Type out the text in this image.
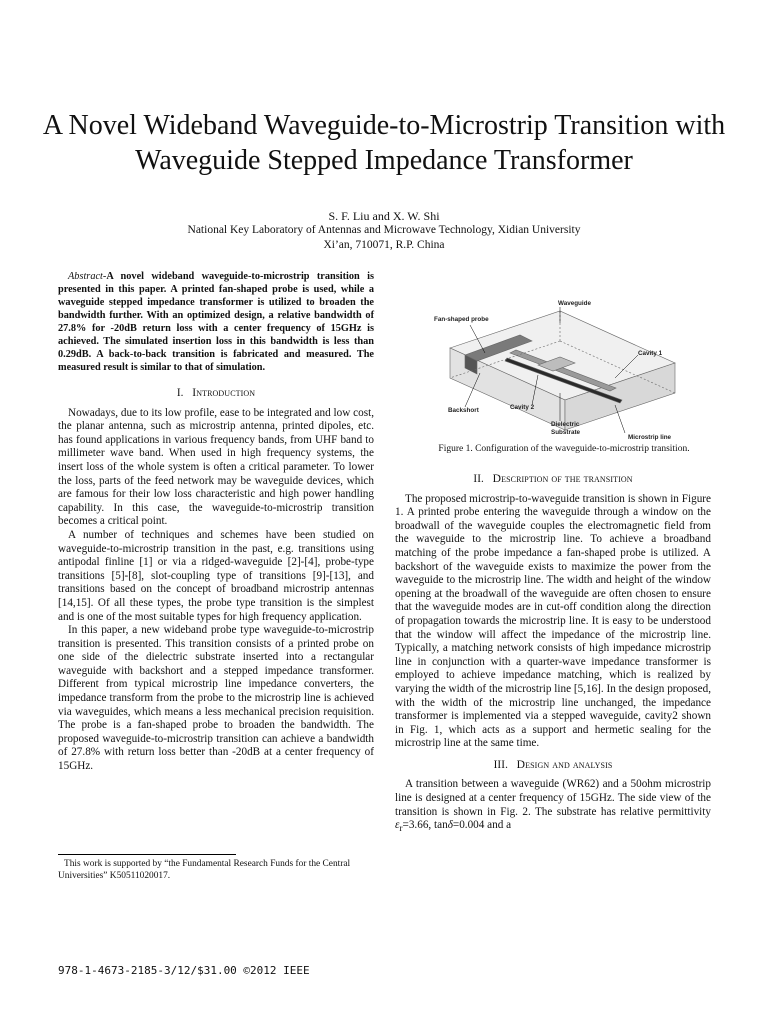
A Novel Wideband Waveguide-to-Microstrip Transition with Waveguide Stepped Impedance Transformer
S. F. Liu and X. W. Shi
National Key Laboratory of Antennas and Microwave Technology, Xidian University
Xi’an, 710071, R.P. China

Abstract-A novel wideband waveguide-to-microstrip transition is presented in this paper. A printed fan-shaped probe is used, while a waveguide stepped impedance transformer is utilized to broaden the bandwidth further. With an optimized design, a relative bandwidth of 27.8% for -20dB return loss with a center frequency of 15GHz is achieved. The simulated insertion loss in this bandwidth is less than 0.29dB. A back-to-back transition is fabricated and measured. The measured result is similar to that of simulation.

I. Introduction

Nowadays, due to its low profile, ease to be integrated and low cost, the planar antenna, such as microstrip antenna, printed dipoles, etc. has found applications in various frequency bands, from UHF band to millimeter wave band. When used in high frequency systems, the insert loss of the whole system is often a critical parameter. To lower the loss, parts of the feed network may be waveguide devices, which are famous for their low loss characteristic and high power handling capability. In this case, the waveguide-to-microstrip transition becomes a critical point.

A number of techniques and schemes have been studied on waveguide-to-microstrip transition in the past, e.g. transitions using antipodal finline [1] or via a ridged-waveguide [2]-[4], probe-type transitions [5]-[8], slot-coupling type of transitions [9]-[13], and transitions based on the concept of broadband microstrip antennas [14,15]. Of all these types, the probe type transition is the simplest and is one of the most suitable types for high frequency application.

In this paper, a new wideband probe type waveguide-to-microstrip transition is presented. This transition consists of a printed probe on one side of the dielectric substrate inserted into a rectangular waveguide with backshort and a stepped impedance transformer. Different from typical microstrip line impedance converters, the impedance transform from the probe to the microstrip line is achieved via waveguides, which means a less mechanical precision requisition. The probe is a fan-shaped probe to broaden the bandwidth. The proposed waveguide-to-microstrip transition can achieve a bandwidth of 27.8% with return loss better than -20dB at a center frequency of 15GHz.

This work is supported by “the Fundamental Research Funds for the Central Universities” K50511020017.
978-1-4673-2185-3/12/$31.00 ©2012 IEEE
Waveguide
Fan-shaped probe
Cavity 1
Backshort	Cavity 2
Dielectric
Substrate
Microstrip line
Figure 1. Configuration of the waveguide-to-microstrip transition.
II. Description of the transition

The proposed microstrip-to-waveguide transition is shown in Figure 1. A printed probe entering the waveguide through a window on the broadwall of the waveguide couples the electromagnetic field from the waveguide to the microstrip line. To achieve a broadband matching of the probe impedance a fan-shaped probe is utilized. A backshort of the waveguide exists to maximize the power from the waveguide to the microstrip line. The width and height of the window opening at the broadwall of the waveguide are often chosen to ensure that the waveguide modes are in cut-off condition along the direction of propagation towards the microstrip line. It is easy to be understood that the window will affect the impedance of the microstrip line. Typically, a matching network consists of high impedance microstrip line in conjunction with a quarter-wave impedance transformer is employed to achieve impedance matching, which is realized by varying the width of the microstrip line [5,16]. In the design proposed, with the width of the microstrip line unchanged, the impedance transformer is implemented via a stepped waveguide, cavity2 shown in Fig. 1, which acts as a support and hermetic sealing for the microstrip line at the same time.

III. Design and analysis

A transition between a waveguide (WR62) and a 50ohm microstrip line is designed at a center frequency of 15GHz. The side view of the transition is shown in Fig. 2. The substrate has relative permittivity $\varepsilon_r=3.66$, tanδ=0.004 and a
